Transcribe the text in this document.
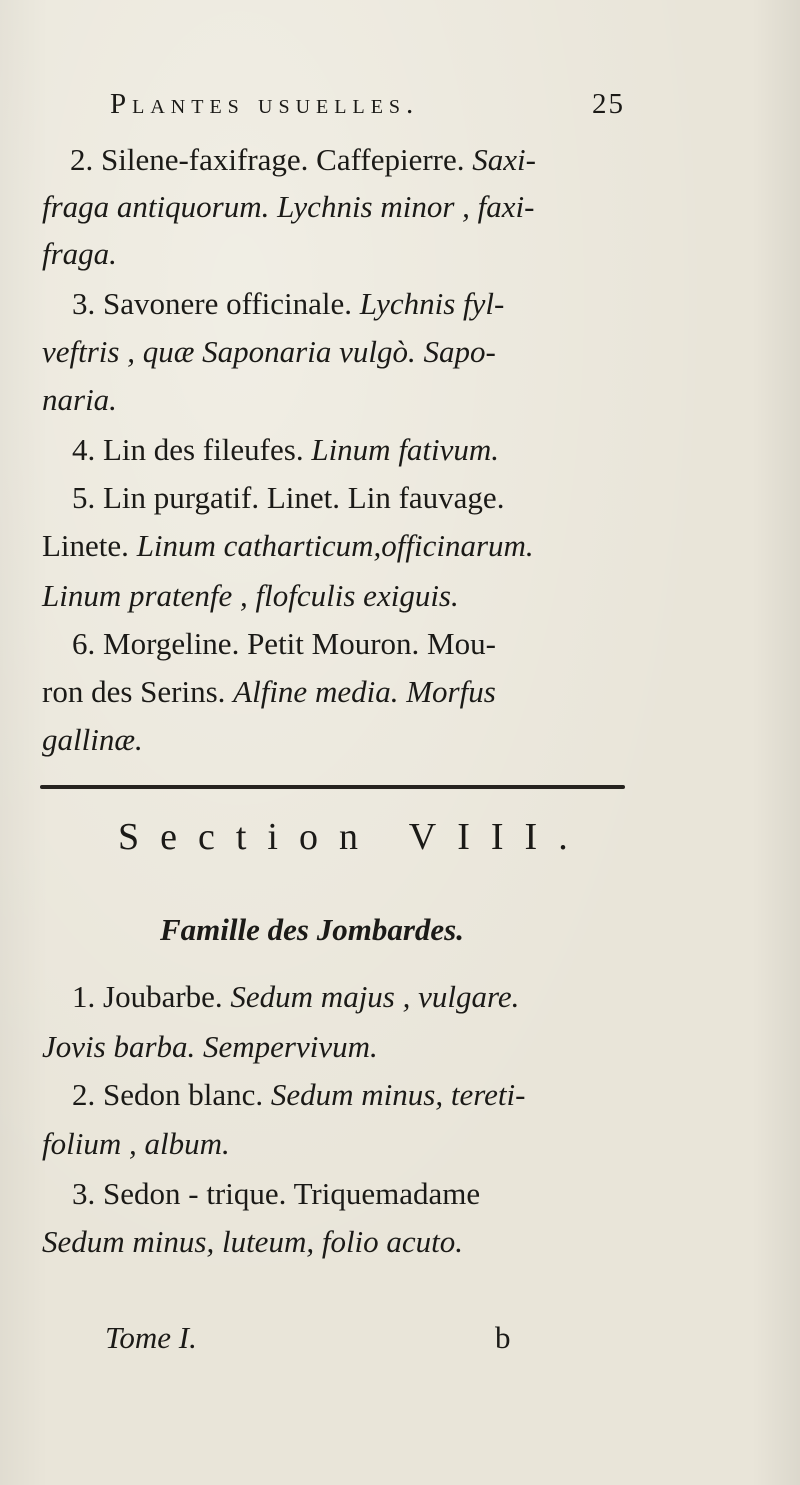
Plantes usuelles.	25
2. Silene-faxifrage. Caffepierre. Saxi-
fraga antiquorum. Lychnis minor , faxi-
fraga.
3. Savonere officinale. Lychnis fyl-
veftris , quæ Saponaria vulgò. Sapo-
naria.
4. Lin des fileufes. Linum fativum.
5. Lin purgatif. Linet. Lin fauvage.
Linete. Linum catharticum,officinarum.
Linum pratenfe , flofculis exiguis.
6. Morgeline. Petit Mouron. Mou-
ron des Serins. Alfine media. Morfus
gallinæ.
Section VIII.
Famille des Jombardes.
1. Joubarbe. Sedum majus , vulgare.
Jovis barba. Sempervivum.
2. Sedon blanc. Sedum minus, tereti-
folium , album.
3. Sedon - trique. Triquemadame
Sedum minus, luteum, folio acuto.
Tome I.	b
